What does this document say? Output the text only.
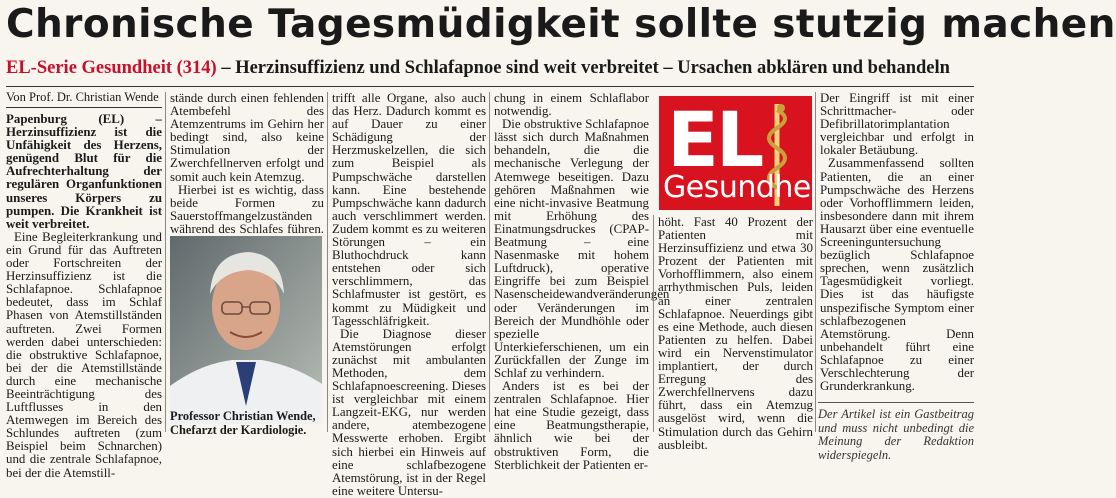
Chronische Tagesmüdigkeit sollte stutzig machen
EL-Serie Gesundheit (314) – Herzinsuffizienz und Schlafapnoe sind weit verbreitet – Ursachen abklären und behandeln
Von Prof. Dr. Christian Wende

Papenburg (EL) – Herzinsuffizienz ist die Unfähigkeit des Herzens, genügend Blut für die Aufrechterhaltung der regulären Organfunktionen unseres Körpers zu pumpen. Die Krankheit ist weit verbreitet.

Eine Begleiterkrankung und ein Grund für das Auftreten oder Fortschreiten der Herzinsuffizienz ist die Schlafapnoe. Schlafapnoe bedeutet, dass im Schlaf Phasen von Atemstillständen auftreten. Zwei Formen werden dabei unterschieden: die obstruktive Schlafapnoe, bei der die Atemstillstände durch eine mechanische Beeinträchtigung des Luftflusses in den Atemwegen im Bereich des Schlundes auftreten (zum Beispiel beim Schnarchen) und die zentrale Schlafapnoe, bei der die Atemstill-

stände durch einen fehlenden Atembefehl des Atemzentrums im Gehirn her bedingt sind, also keine Stimulation der Zwerchfellnerven erfolgt und somit auch kein Atemzug.

Hierbei ist es wichtig, dass beide Formen zu Sauerstoffmangelzuständen während des Schlafes führen.

Professor Christian Wende, Chefarzt der Kardiologie.

trifft alle Organe, also auch das Herz. Dadurch kommt es auf Dauer zu einer Schädigung der Herzmuskelzellen, die sich zum Beispiel als Pumpschwäche darstellen kann. Eine bestehende Pumpschwäche kann dadurch auch verschlimmert werden. Zudem kommt es zu weiteren Störungen – ein Bluthochdruck kann entstehen oder sich verschlimmern, das Schlafmuster ist gestört, es kommt zu Müdigkeit und Tagesschläfrigkeit.

Die Diagnose dieser Atemstörungen erfolgt zunächst mit ambulanten Methoden, dem Schlafapnoescreening. Dieses ist vergleichbar mit einem Langzeit-EKG, nur werden andere, atembezogene Messwerte erhoben. Ergibt sich hierbei ein Hinweis auf eine schlafbezogene Atemstörung, ist in der Regel eine weitere Untersu-

chung in einem Schlaflabor notwendig.

Die obstruktive Schlafapnoe lässt sich durch Maßnahmen behandeln, die die mechanische Verlegung der Atemwege beseitigen. Dazu gehören Maßnahmen wie eine nicht-invasive Beatmung mit Erhöhung des Einatmungsdruckes (CPAP-Beatmung – eine Nasenmaske mit hohem Luftdruck), operative Eingriffe bei zum Beispiel Nasenscheidewandveränderungen oder Veränderungen im Bereich der Mundhöhle oder spezielle Unterkieferschienen, um ein Zurückfallen der Zunge im Schlaf zu verhindern.

Anders ist es bei der zentralen Schlafapnoe. Hier hat eine Studie gezeigt, dass eine Beatmungstherapie, ähnlich wie bei der obstruktiven Form, die Sterblichkeit der Patienten er-

EL
Gesundheit

höht. Fast 40 Prozent der Patienten mit Herzinsuffizienz und etwa 30 Prozent der Patienten mit Vorhofflimmern, also einem arrhythmischen Puls, leiden an einer zentralen Schlafapnoe. Neuerdings gibt es eine Methode, auch diesen Patienten zu helfen. Dabei wird ein Nervenstimulator implantiert, der durch Erregung des Zwerchfellnervens dazu führt, dass ein Atemzug ausgelöst wird, wenn die Stimulation durch das Gehirn ausbleibt.

Der Eingriff ist mit einer Schrittmacher- oder Defibrillatorimplantation vergleichbar und erfolgt in lokaler Betäubung.

Zusammenfassend sollten Patienten, die an einer Pumpschwäche des Herzens oder Vorhofflimmern leiden, insbesondere dann mit ihrem Hausarzt über eine eventuelle Screeninguntersuchung bezüglich Schlafapnoe sprechen, wenn zusätzlich Tagesmüdigkeit vorliegt. Dies ist das häufigste unspezifische Symptom einer schlafbezogenen Atemstörung. Denn unbehandelt führt eine Schlafapnoe zu einer Verschlechterung der Grunderkrankung.

Der Artikel ist ein Gastbeitrag und muss nicht unbedingt die Meinung der Redaktion widerspiegeln.
